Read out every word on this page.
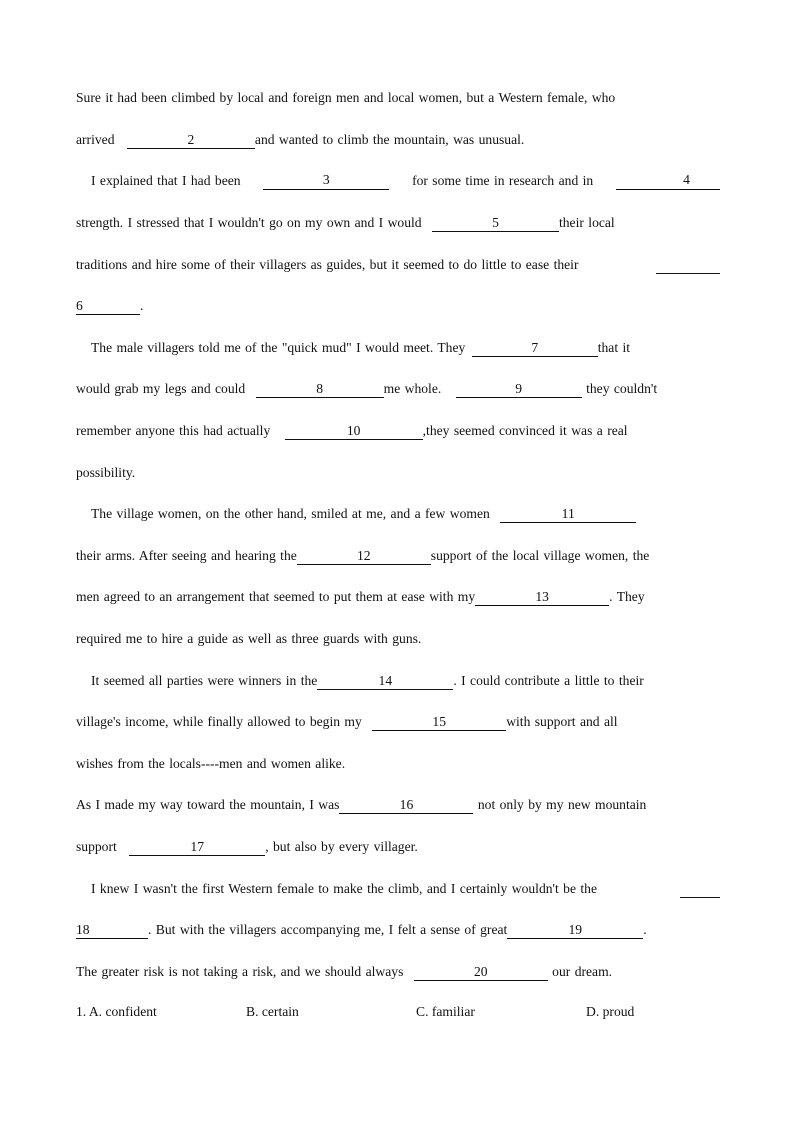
Sure it had been climbed by local and foreign men and local women, but a Western female, who
arrived	2	and wanted to climb the mountain, was unusual.
I explained that I had been	3	for some time in research and in	4
strength. I stressed that I wouldn't go on my own and I would	5	their local
traditions and hire some of their villagers as guides, but it seemed to do little to ease their
6	.
The male villagers told me of the "quick mud" I would meet. They	7	that it
would grab my legs and could	8	me whole.	9	they couldn't
remember anyone this had actually	10	,they seemed convinced it was a real
possibility.
The village women, on the other hand, smiled at me, and a few women	11
their arms. After seeing and hearing the	12	support of the local village women, the
men agreed to an arrangement that seemed to put them at ease with my	13	. They
required me to hire a guide as well as three guards with guns.
It seemed all parties were winners in the	14	. I could contribute a little to their
village's income, while finally allowed to begin my	15	with support and all
wishes from the locals----men and women alike.
As I made my way toward the mountain, I was	16	not only by my new mountain
support	17	, but also by every villager.
I knew I wasn't the first Western female to make the climb, and I certainly wouldn't be the
18	. But with the villagers accompanying me, I felt a sense of great	19	.
The greater risk is not taking a risk, and we should always	20	our dream.
1. A. confident	B. certain	C. familiar	D. proud
